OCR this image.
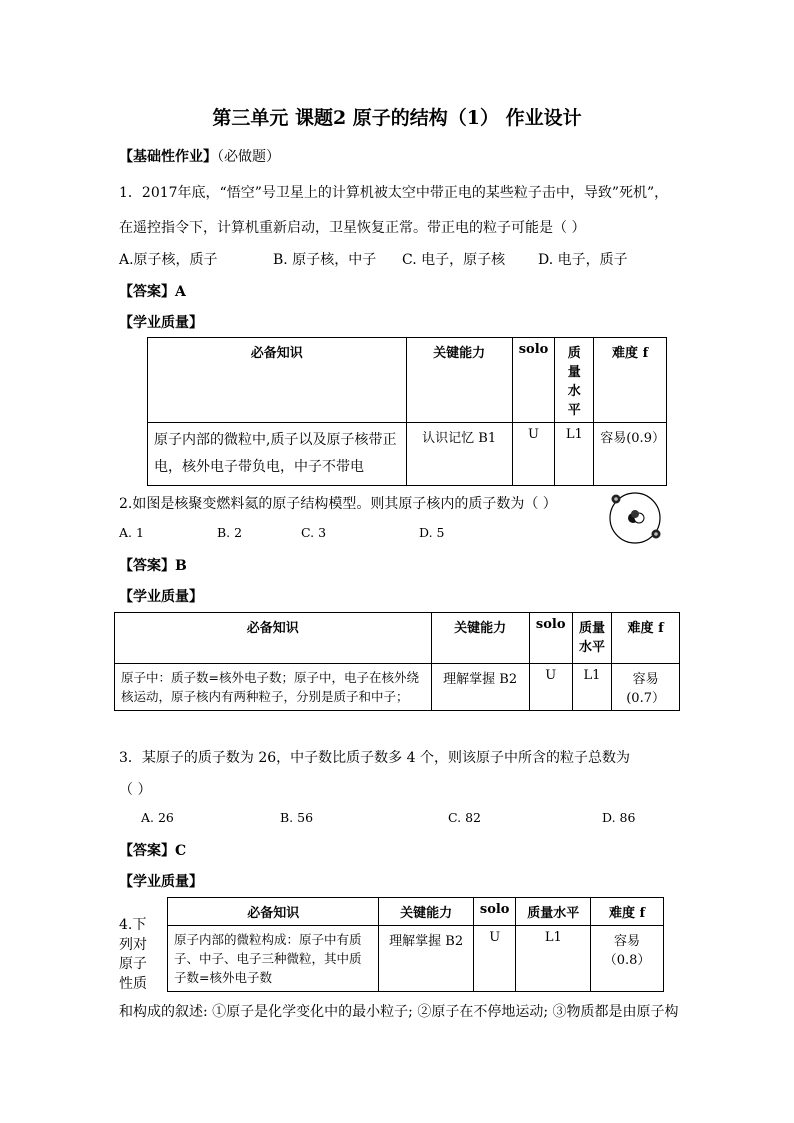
第三单元 课题2 原子的结构（1） 作业设计
【基础性作业】（必做题）
1．2017年底，“悟空”号卫星上的计算机被太空中带正电的某些粒子击中，导致”死机”，
在遥控指令下，计算机重新启动，卫星恢复正常。带正电的粒子可能是（ ）
A.原子核，质子	B. 原子核，中子 C. 电子，原子核 D. 电子，质子
【答案】A
【学业质量】
必备知识	关键能力	solo	质量水平	难度 f
原子内部的微粒中,质子以及原子核带正电，核外电子带负电，中子不带电	认识记忆 B1	U	L1	容易(0.9）
2.如图是核聚变燃料氦的原子结构模型。则其原子核内的质子数为（ ）
A. 1	B. 2	C. 3	D. 5
【答案】B
【学业质量】
必备知识	关键能力	solo	质量水平	难度 f
原子中：质子数=核外电子数；原子中，电子在核外绕核运动，原子核内有两种粒子，分别是质子和中子；	理解掌握 B2	U	L1	容易(0.7）
3．某原子的质子数为 26，中子数比质子数多 4 个，则该原子中所含的粒子总数为
（ ）
A. 26	B. 56	C. 82	D. 86
【答案】C
【学业质量】
必备知识	关键能力	solo	质量水平	难度 f
原子内部的微粒构成：原子中有质子、中子、电子三种微粒，其中质子数=核外电子数	理解掌握 B2	U	L1	容易（0.8）
4.下
列对
原子
性质
和构成的叙述: ①原子是化学变化中的最小粒子; ②原子在不停地运动; ③物质都是由原子构
